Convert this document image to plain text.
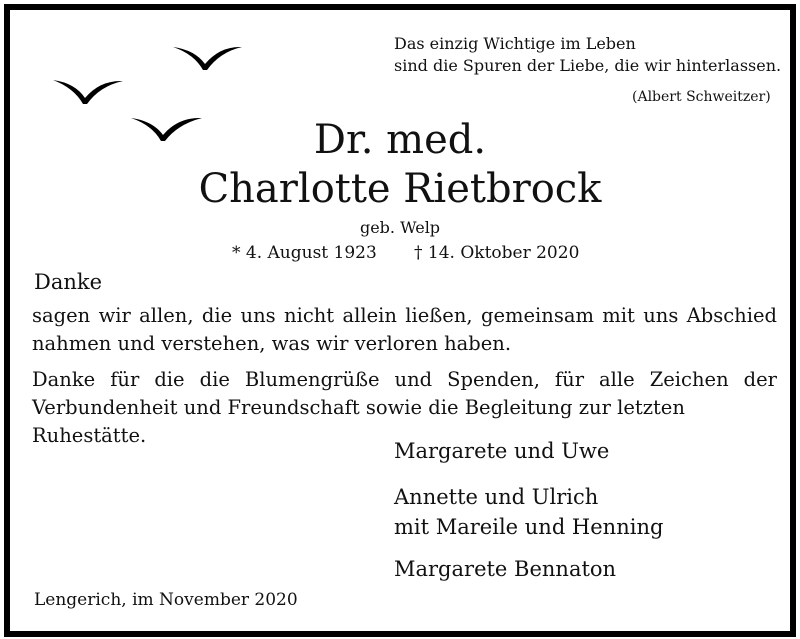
Das einzig Wichtige im Leben
sind die Spuren der Liebe, die wir hinterlassen.
(Albert Schweitzer)
Dr. med.
Charlotte Rietbrock
geb. Welp
* 4. August 1923 † 14. Oktober 2020
Danke
sagen wir allen, die uns nicht allein ließen, gemeinsam mit uns Abschied
nahmen und verstehen, was wir verloren haben.
Danke für die die Blumengrüße und Spenden, für alle Zeichen der
Verbundenheit und Freundschaft sowie die Begleitung zur letzten Ruhestätte.
Margarete und Uwe
Annette und Ulrich
mit Mareile und Henning
Margarete Bennaton
Lengerich, im November 2020
